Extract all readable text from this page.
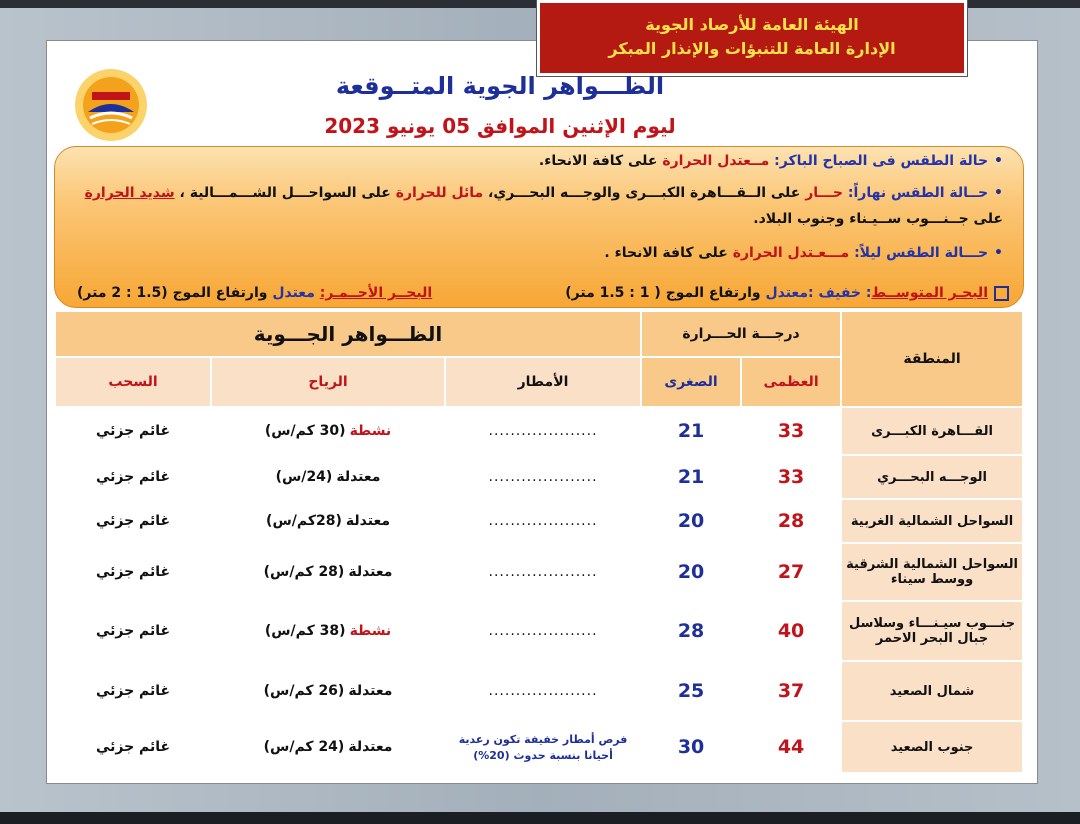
الهيئة العامة للأرصاد الجوية
الإدارة العامة للتنبؤات والإنذار المبكر
الظـــواهر الجوية المتــوقعة
ليوم الإثنين الموافق 05 يونيو 2023
•حالة الطقس فى الصباح الباكر: مــعتدل الحرارة على كافة الانحاء.
•حــالة الطقس نهاراً: حـــار على الــقـــاهرة الكبـــرى والوجـــه البحـــري، مائل للحرارة على السواحـــل الشـــمـــالية ، شديد الحرارة
على جــنـــوب ســيـناء وجنوب البلاد.
•حـــالة الطقس ليلاً: مـــعـتدل الحرارة على كافة الانحاء .
البحـر المتوســط: خفيف :معتدل وارتفاع الموج ( 1 : 1.5 متر)
البحــر الأحــمـر: معتدل وارتفاع الموج (1.5 : 2 متر)
المنطقة	درجـــة الحـــرارة		الظـــواهر الجـــوية		
	العظمى	الصغرى	الأمطار	الرياح	السحب
القـــاهرة الكبـــرى	33	21	....................	نشطة(30 كم/س)	غائم جزئي
الوجـــه البحـــري	33	21	....................	معتدلة(24/س)	غائم جزئي
السواحل الشمالية الغربية	28	20	....................	معتدلة(28كم/س)	غائم جزئي
السواحل الشمالية الشرقية ووسط سيناء	27	20	....................	معتدلة(28 كم/س)	غائم جزئي
جنـــوب سيـنـــاء وسلاسل جبال البحر الاحمر	40	28	....................	نشطة(38 كم/س)	غائم جزئي
شمال الصعيد	37	25	....................	معتدلة(26 كم/س)	غائم جزئي
جنوب الصعيد	44	30	فرص أمطار خفيفة تكون رعدية أحيانا بنسبة حدوث (20%)	معتدلة(24 كم/س)	غائم جزئي
